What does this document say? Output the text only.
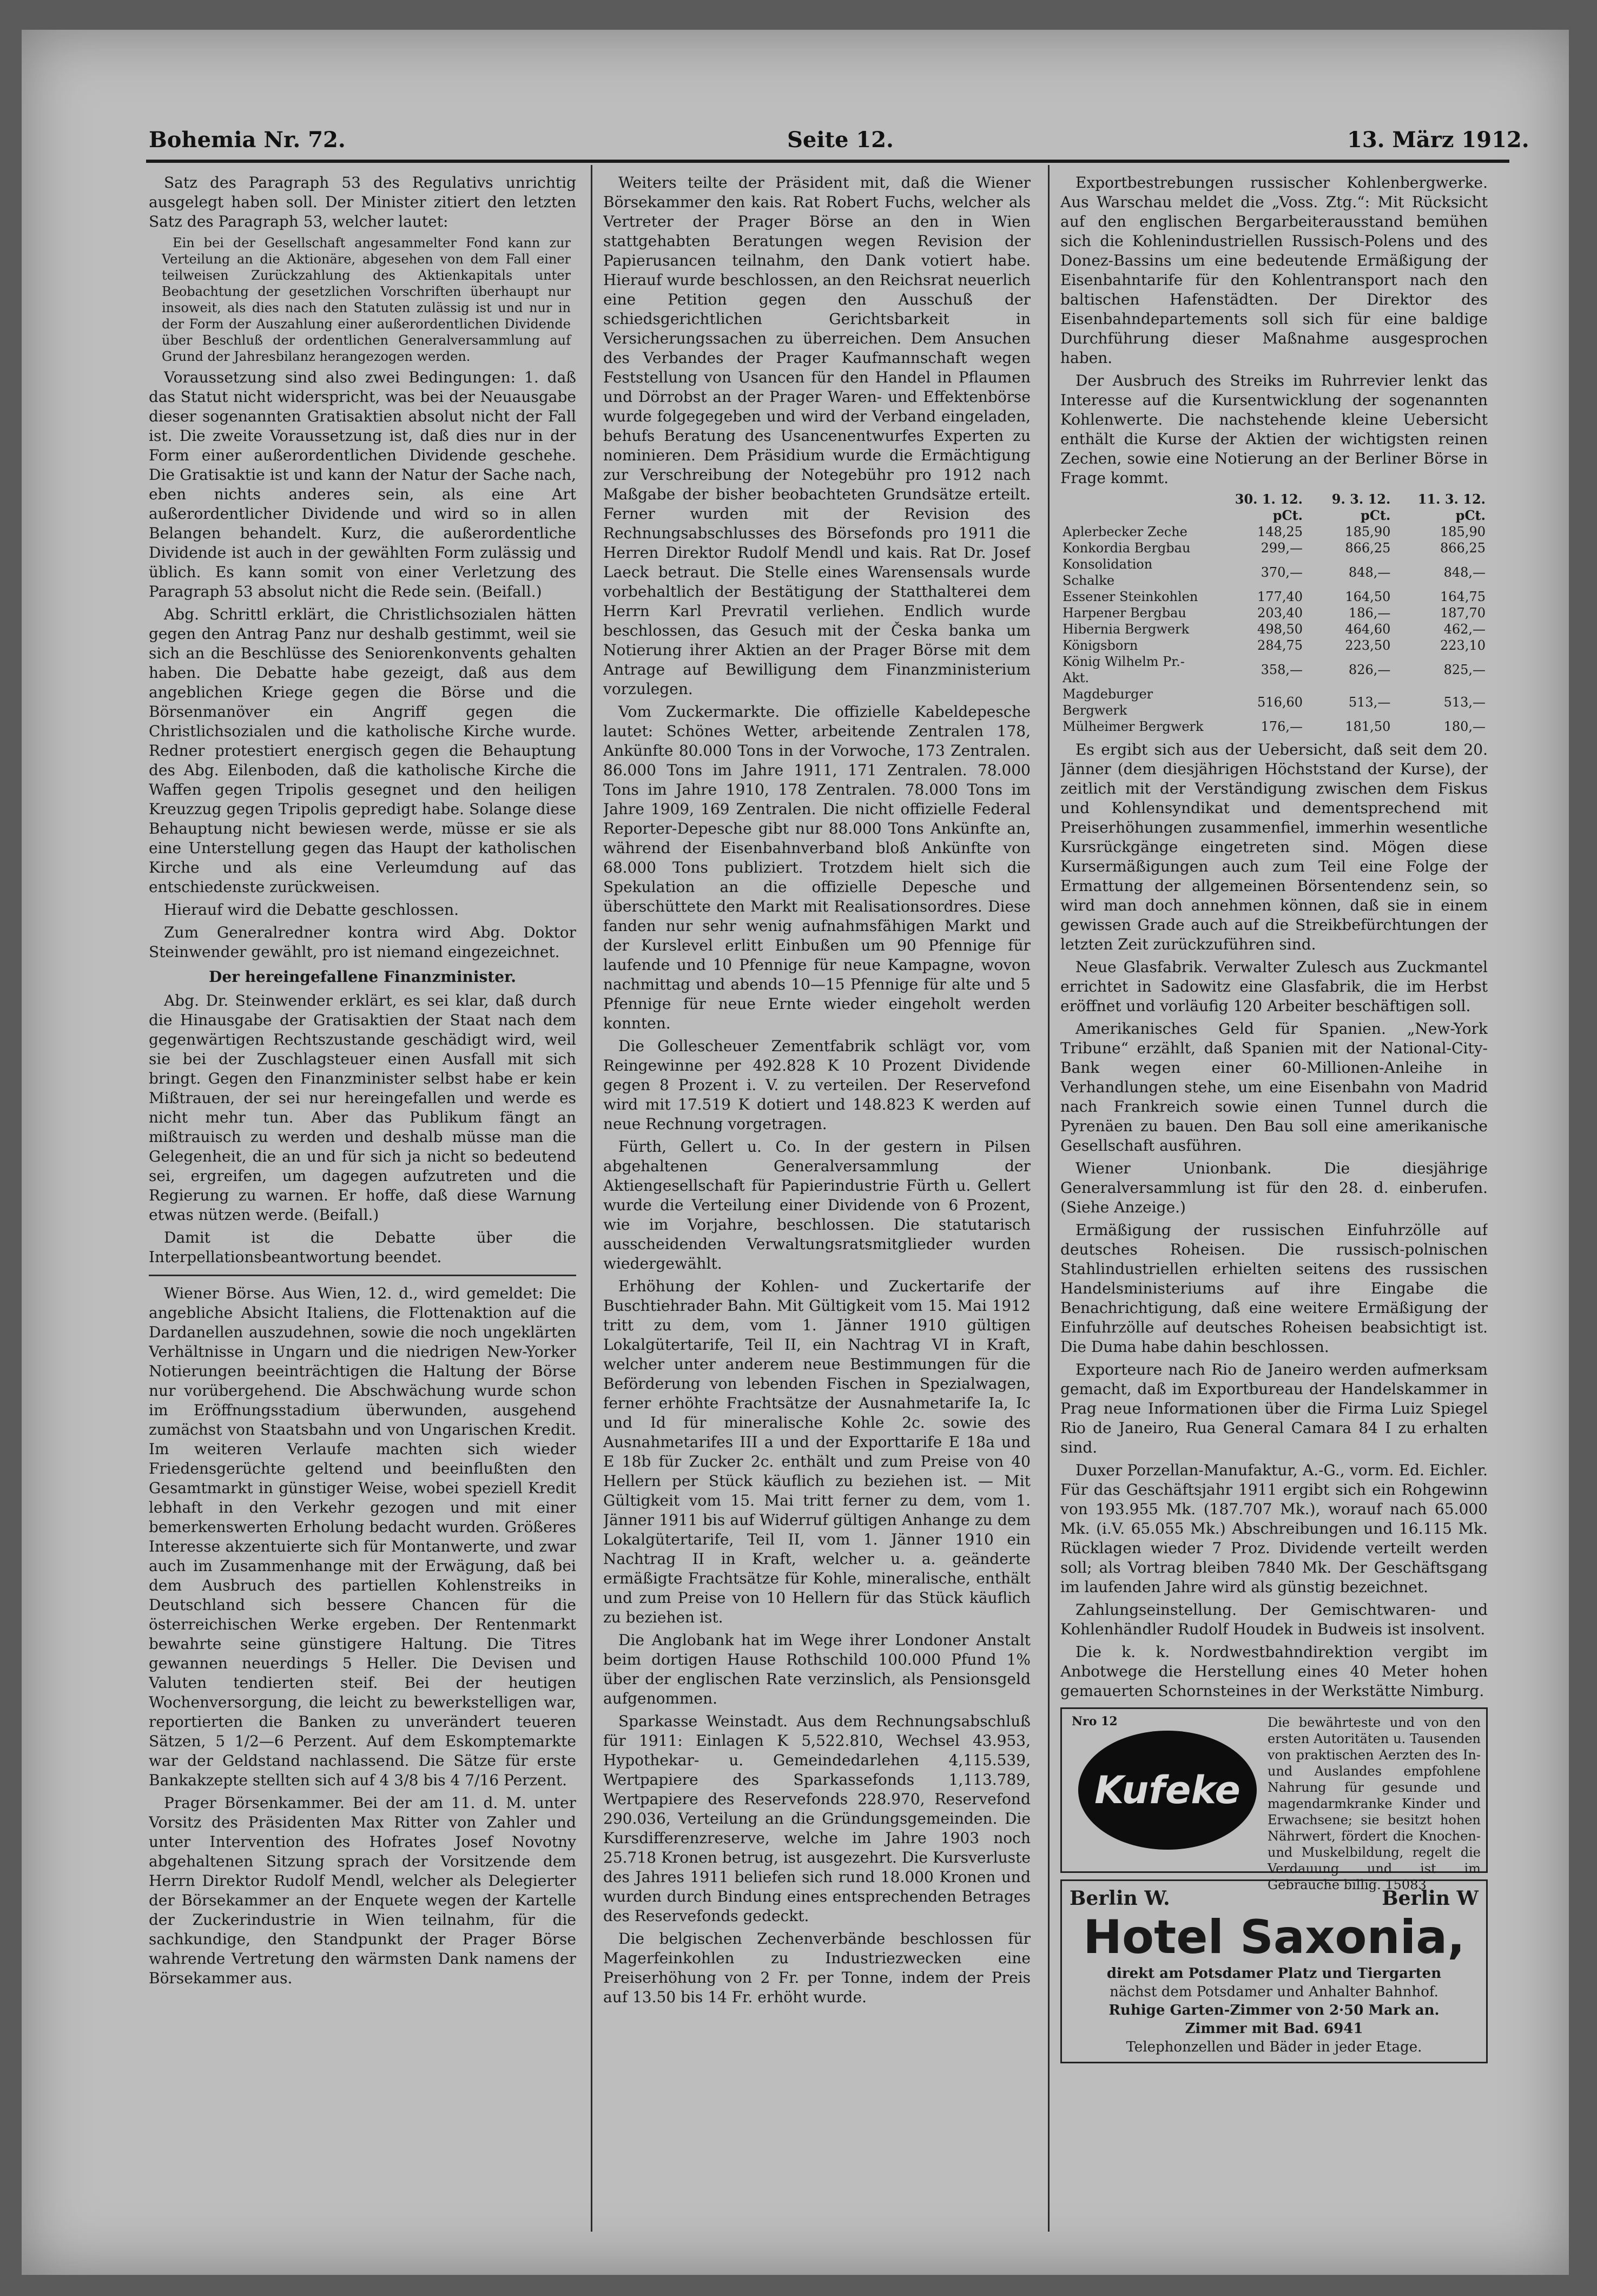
Bohemia Nr. 72.	Seite 12.	13. März 1912.

Satz des Paragraph 53 des Regulativs unrichtig ausgelegt haben soll. Der Minister zitiert den letzten Satz des Paragraph 53, welcher lautet:

Ein bei der Gesellschaft angesammelter Fond kann zur Verteilung an die Aktionäre, abgesehen von dem Fall einer teilweisen Zurückzahlung des Aktienkapitals unter Beobachtung der gesetzlichen Vorschriften überhaupt nur insoweit, als dies nach den Statuten zulässig ist und nur in der Form der Auszahlung einer außerordentlichen Dividende über Beschluß der ordentlichen Generalversammlung auf Grund der Jahresbilanz herangezogen werden.

Voraussetzung sind also zwei Bedingungen: 1. daß das Statut nicht widerspricht, was bei der Neuausgabe dieser sogenannten Gratisaktien absolut nicht der Fall ist. Die zweite Voraussetzung ist, daß dies nur in der Form einer außerordentlichen Dividende geschehe. Die Gratisaktie ist und kann der Natur der Sache nach, eben nichts anderes sein, als eine Art außerordentlicher Dividende und wird so in allen Belangen behandelt. Kurz, die außerordentliche Dividende ist auch in der gewählten Form zulässig und üblich. Es kann somit von einer Verletzung des Paragraph 53 absolut nicht die Rede sein. (Beifall.)

Abg. Schrittl erklärt, die Christlichsozialen hätten gegen den Antrag Panz nur deshalb gestimmt, weil sie sich an die Beschlüsse des Seniorenkonvents gehalten haben. Die Debatte habe gezeigt, daß aus dem angeblichen Kriege gegen die Börse und die Börsenmanöver ein Angriff gegen die Christlichsozialen und die katholische Kirche wurde. Redner protestiert energisch gegen die Behauptung des Abg. Eilenboden, daß die katholische Kirche die Waffen gegen Tripolis gesegnet und den heiligen Kreuzzug gegen Tripolis gepredigt habe. Solange diese Behauptung nicht bewiesen werde, müsse er sie als eine Unterstellung gegen das Haupt der katholischen Kirche und als eine Verleumdung auf das entschiedenste zurückweisen.

Hierauf wird die Debatte geschlossen.

Zum Generalredner kontra wird Abg. Doktor Steinwender gewählt, pro ist niemand eingezeichnet.

Der hereingefallene Finanzminister.

Abg. Dr. Steinwender erklärt, es sei klar, daß durch die Hinausgabe der Gratisaktien der Staat nach dem gegenwärtigen Rechtszustande geschädigt wird, weil sie bei der Zuschlagsteuer einen Ausfall mit sich bringt. Gegen den Finanzminister selbst habe er kein Mißtrauen, der sei nur hereingefallen und werde es nicht mehr tun. Aber das Publikum fängt an mißtrauisch zu werden und deshalb müsse man die Gelegenheit, die an und für sich ja nicht so bedeutend sei, ergreifen, um dagegen aufzutreten und die Regierung zu warnen. Er hoffe, daß diese Warnung etwas nützen werde. (Beifall.)

Damit ist die Debatte über die Interpellationsbeantwortung beendet.

Wiener Börse. Aus Wien, 12. d., wird gemeldet: Die angebliche Absicht Italiens, die Flottenaktion auf die Dardanellen auszudehnen, sowie die noch ungeklärten Verhältnisse in Ungarn und die niedrigen New-Yorker Notierungen beeinträchtigen die Haltung der Börse nur vorübergehend. Die Abschwächung wurde schon im Eröffnungsstadium überwunden, ausgehend zumächst von Staatsbahn und von Ungarischen Kredit. Im weiteren Verlaufe machten sich wieder Friedensgerüchte geltend und beeinflußten den Gesamtmarkt in günstiger Weise, wobei speziell Kredit lebhaft in den Verkehr gezogen und mit einer bemerkenswerten Erholung bedacht wurden. Größeres Interesse akzentuierte sich für Montanwerte, und zwar auch im Zusammenhange mit der Erwägung, daß bei dem Ausbruch des partiellen Kohlenstreiks in Deutschland sich bessere Chancen für die österreichischen Werke ergeben. Der Rentenmarkt bewahrte seine günstigere Haltung. Die Titres gewannen neuerdings 5 Heller. Die Devisen und Valuten tendierten steif. Bei der heutigen Wochenversorgung, die leicht zu bewerkstelligen war, reportierten die Banken zu unverändert teueren Sätzen, 5 1/2—6 Perzent. Auf dem Eskomptemarkte war der Geldstand nachlassend. Die Sätze für erste Bankakzepte stellten sich auf 4 3/8 bis 4 7/16 Perzent.

Prager Börsenkammer. Bei der am 11. d. M. unter Vorsitz des Präsidenten Max Ritter von Zahler und unter Intervention des Hofrates Josef Novotny abgehaltenen Sitzung sprach der Vorsitzende dem Herrn Direktor Rudolf Mendl, welcher als Delegierter der Börsekammer an der Enquete wegen der Kartelle der Zuckerindustrie in Wien teilnahm, für die sachkundige, den Standpunkt der Prager Börse wahrende Vertretung den wärmsten Dank namens der Börsekammer aus.

Weiters teilte der Präsident mit, daß die Wiener Börsekammer den kais. Rat Robert Fuchs, welcher als Vertreter der Prager Börse an den in Wien stattgehabten Beratungen wegen Revision der Papierusancen teilnahm, den Dank votiert habe. Hierauf wurde beschlossen, an den Reichsrat neuerlich eine Petition gegen den Ausschuß der schiedsgerichtlichen Gerichtsbarkeit in Versicherungssachen zu überreichen. Dem Ansuchen des Verbandes der Prager Kaufmannschaft wegen Feststellung von Usancen für den Handel in Pflaumen und Dörrobst an der Prager Waren- und Effektenbörse wurde folgegegeben und wird der Verband eingeladen, behufs Beratung des Usancenentwurfes Experten zu nominieren. Dem Präsidium wurde die Ermächtigung zur Verschreibung der Notegebühr pro 1912 nach Maßgabe der bisher beobachteten Grundsätze erteilt. Ferner wurden mit der Revision des Rechnungsabschlusses des Börsefonds pro 1911 die Herren Direktor Rudolf Mendl und kais. Rat Dr. Josef Laeck betraut. Die Stelle eines Warensensals wurde vorbehaltlich der Bestätigung der Statthalterei dem Herrn Karl Prevratil verliehen. Endlich wurde beschlossen, das Gesuch mit der Česka banka um Notierung ihrer Aktien an der Prager Börse mit dem Antrage auf Bewilligung dem Finanzministerium vorzulegen.

Vom Zuckermarkte. Die offizielle Kabeldepesche lautet: Schönes Wetter, arbeitende Zentralen 178, Ankünfte 80.000 Tons in der Vorwoche, 173 Zentralen. 86.000 Tons im Jahre 1911, 171 Zentralen. 78.000 Tons im Jahre 1910, 178 Zentralen. 78.000 Tons im Jahre 1909, 169 Zentralen. Die nicht offizielle Federal Reporter-Depesche gibt nur 88.000 Tons Ankünfte an, während der Eisenbahnverband bloß Ankünfte von 68.000 Tons publiziert. Trotzdem hielt sich die Spekulation an die offizielle Depesche und überschüttete den Markt mit Realisationsordres. Diese fanden nur sehr wenig aufnahmsfähigen Markt und der Kurslevel erlitt Einbußen um 90 Pfennige für laufende und 10 Pfennige für neue Kampagne, wovon nachmittag und abends 10—15 Pfennige für alte und 5 Pfennige für neue Ernte wieder eingeholt werden konnten.

Die Gollescheuer Zementfabrik schlägt vor, vom Reingewinne per 492.828 K 10 Prozent Dividende gegen 8 Prozent i. V. zu verteilen. Der Reservefond wird mit 17.519 K dotiert und 148.823 K werden auf neue Rechnung vorgetragen.

Fürth, Gellert u. Co. In der gestern in Pilsen abgehaltenen Generalversammlung der Aktiengesellschaft für Papierindustrie Fürth u. Gellert wurde die Verteilung einer Dividende von 6 Prozent, wie im Vorjahre, beschlossen. Die statutarisch ausscheidenden Verwaltungsratsmitglieder wurden wiedergewählt.

Erhöhung der Kohlen- und Zuckertarife der Buschtiehrader Bahn. Mit Gültigkeit vom 15. Mai 1912 tritt zu dem, vom 1. Jänner 1910 gültigen Lokalgütertarife, Teil II, ein Nachtrag VI in Kraft, welcher unter anderem neue Bestimmungen für die Beförderung von lebenden Fischen in Spezialwagen, ferner erhöhte Frachtsätze der Ausnahmetarife Ia, Ic und Id für mineralische Kohle 2c. sowie des Ausnahmetarifes III a und der Exporttarife E 18a und E 18b für Zucker 2c. enthält und zum Preise von 40 Hellern per Stück käuflich zu beziehen ist. — Mit Gültigkeit vom 15. Mai tritt ferner zu dem, vom 1. Jänner 1911 bis auf Widerruf gültigen Anhange zu dem Lokalgütertarife, Teil II, vom 1. Jänner 1910 ein Nachtrag II in Kraft, welcher u. a. geänderte ermäßigte Frachtsätze für Kohle, mineralische, enthält und zum Preise von 10 Hellern für das Stück käuflich zu beziehen ist.

Die Anglobank hat im Wege ihrer Londoner Anstalt beim dortigen Hause Rothschild 100.000 Pfund 1% über der englischen Rate verzinslich, als Pensionsgeld aufgenommen.

Sparkasse Weinstadt. Aus dem Rechnungsabschluß für 1911: Einlagen K 5,522.810, Wechsel 43.953, Hypothekar- u. Gemeindedarlehen 4,115.539, Wertpapiere des Sparkassefonds 1,113.789, Wertpapiere des Reservefonds 228.970, Reservefond 290.036, Verteilung an die Gründungsgemeinden. Die Kursdifferenzreserve, welche im Jahre 1903 noch 25.718 Kronen betrug, ist ausgezehrt. Die Kursverluste des Jahres 1911 beliefen sich rund 18.000 Kronen und wurden durch Bindung eines entsprechenden Betrages des Reservefonds gedeckt.

Die belgischen Zechenverbände beschlossen für Magerfeinkohlen zu Industriezwecken eine Preiserhöhung von 2 Fr. per Tonne, indem der Preis auf 13.50 bis 14 Fr. erhöht wurde.

Exportbestrebungen russischer Kohlenbergwerke. Aus Warschau meldet die „Voss. Ztg.“: Mit Rücksicht auf den englischen Bergarbeiterausstand bemühen sich die Kohlenindustriellen Russisch-Polens und des Donez-Bassins um eine bedeutende Ermäßigung der Eisenbahntarife für den Kohlentransport nach den baltischen Hafenstädten. Der Direktor des Eisenbahndepartements soll sich für eine baldige Durchführung dieser Maßnahme ausgesprochen haben.

Der Ausbruch des Streiks im Ruhrrevier lenkt das Interesse auf die Kursentwicklung der sogenannten Kohlenwerte. Die nachstehende kleine Uebersicht enthält die Kurse der Aktien der wichtigsten reinen Zechen, sowie eine Notierung an der Berliner Börse in Frage kommt.

	30. 1. 12. pCt.	9. 3. 12. pCt.	11. 3. 12. pCt.
Aplerbecker Zeche	148,25	185,90	185,90
Konkordia Bergbau	299,—	866,25	866,25
Konsolidation Schalke	370,—	848,—	848,—
Essener Steinkohlen	177,40	164,50	164,75
Harpener Bergbau	203,40	186,—	187,70
Hibernia Bergwerk	498,50	464,60	462,—
Königsborn	284,75	223,50	223,10
König Wilhelm Pr.-Akt.	358,—	826,—	825,—
Magdeburger Bergwerk	516,60	513,—	513,—
Mülheimer Bergwerk	176,—	181,50	180,—

Es ergibt sich aus der Uebersicht, daß seit dem 20. Jänner (dem diesjährigen Höchststand der Kurse), der zeitlich mit der Verständigung zwischen dem Fiskus und Kohlensyndikat und dementsprechend mit Preiserhöhungen zusammenfiel, immerhin wesentliche Kursrückgänge eingetreten sind. Mögen diese Kursermäßigungen auch zum Teil eine Folge der Ermattung der allgemeinen Börsentendenz sein, so wird man doch annehmen können, daß sie in einem gewissen Grade auch auf die Streikbefürchtungen der letzten Zeit zurückzuführen sind.

Neue Glasfabrik. Verwalter Zulesch aus Zuckmantel errichtet in Sadowitz eine Glasfabrik, die im Herbst eröffnet und vorläufig 120 Arbeiter beschäftigen soll.

Amerikanisches Geld für Spanien. „New-York Tribune“ erzählt, daß Spanien mit der National-City-Bank wegen einer 60-Millionen-Anleihe in Verhandlungen stehe, um eine Eisenbahn von Madrid nach Frankreich sowie einen Tunnel durch die Pyrenäen zu bauen. Den Bau soll eine amerikanische Gesellschaft ausführen.

Wiener Unionbank. Die diesjährige Generalversammlung ist für den 28. d. einberufen. (Siehe Anzeige.)

Ermäßigung der russischen Einfuhrzölle auf deutsches Roheisen. Die russisch-polnischen Stahlindustriellen erhielten seitens des russischen Handelsministeriums auf ihre Eingabe die Benachrichtigung, daß eine weitere Ermäßigung der Einfuhrzölle auf deutsches Roheisen beabsichtigt ist. Die Duma habe dahin beschlossen.

Exporteure nach Rio de Janeiro werden aufmerksam gemacht, daß im Exportbureau der Handelskammer in Prag neue Informationen über die Firma Luiz Spiegel Rio de Janeiro, Rua General Camara 84 I zu erhalten sind.

Duxer Porzellan-Manufaktur, A.-G., vorm. Ed. Eichler. Für das Geschäftsjahr 1911 ergibt sich ein Rohgewinn von 193.955 Mk. (187.707 Mk.), worauf nach 65.000 Mk. (i.V. 65.055 Mk.) Abschreibungen und 16.115 Mk. Rücklagen wieder 7 Proz. Dividende verteilt werden soll; als Vortrag bleiben 7840 Mk. Der Geschäftsgang im laufenden Jahre wird als günstig bezeichnet.

Zahlungseinstellung. Der Gemischtwaren- und Kohlenhändler Rudolf Houdek in Budweis ist insolvent.

Die k. k. Nordwestbahndirektion vergibt im Anbotwege die Herstellung eines 40 Meter hohen gemauerten Schornsteines in der Werkstätte Nimburg.

Nro 12
Kufeke
Die bewährteste und von den ersten Autoritäten u. Tausenden von praktischen Aerzten des In- und Auslandes empfohlene Nahrung für gesunde und magendarmkranke Kinder und Erwachsene; sie besitzt hohen Nährwert, fördert die Knochen- und Muskelbildung, regelt die Verdauung und ist im Gebrauche billig. 15083
Berlin W.	Berlin W
Hotel Saxonia,
direkt am Potsdamer Platz und Tiergarten
nächst dem Potsdamer und Anhalter Bahnhof.
Ruhige Garten-Zimmer von 2·50 Mark an.
Zimmer mit Bad. 6941
Telephonzellen und Bäder in jeder Etage.
